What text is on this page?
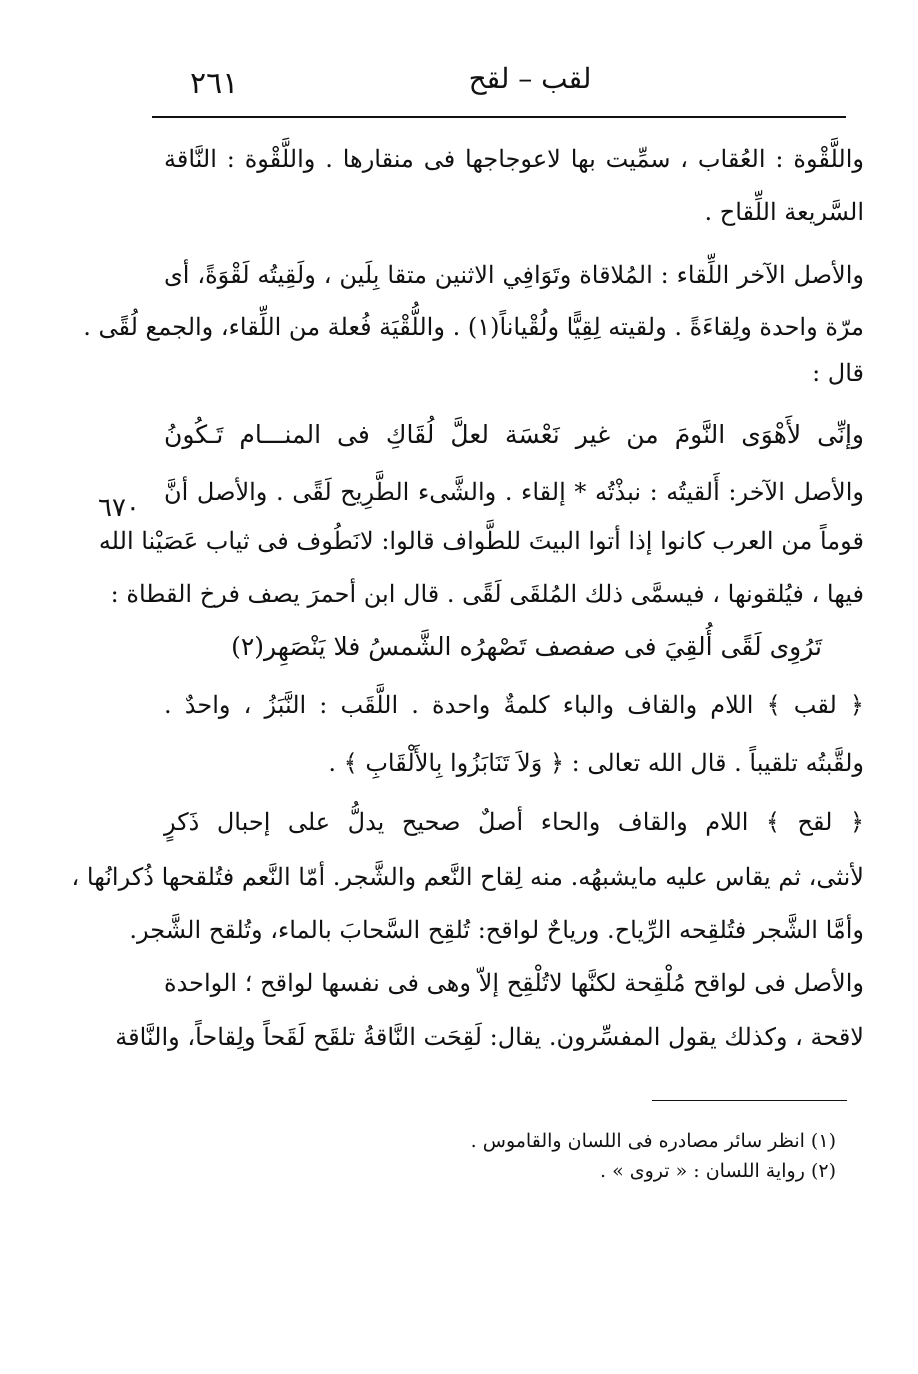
٢٦١	لقب – لقح
واللَّقْوة : العُقاب ، سمِّيت بها لاعوجاجها فى منقارها . واللَّقْوة : النَّاقة
السَّريعة اللِّقاح .
والأصل الآخر اللِّقاء : المُلاقاة وتَوَافِي الاثنين متقا بِلَين ، ولَقِيتُه لَقْوَةً، أى
مرّة واحدة ولِقاءَةً . ولقيته لِقِيًّا ولُقْياناً(١) . واللُّقْيَة فُعلة من اللِّقاء، والجمع لُقًى .
قال :
وإنِّى لأَهْوَى النَّومَ من غير نَعْسَة لعلَّ لُقَاكِ فى المنـــام تَـكُونُ
والأصل الآخر: أَلقيتُه : نبذْتُه * إلقاء . والشَّىء الطَّرِيح لَقًى . والأصل أنَّ
٦٧٠
قوماً من العرب كانوا إذا أتوا البيتَ للطَّواف قالوا: لانَطُوف فى ثياب عَصَيْنا الله
فيها ، فيُلقونها ، فيسمَّى ذلك المُلقَى لَقًى . قال ابن أحمرَ يصف فرخ القطاة :
تَرُوِى لَقًى أُلقِيَ فى صفصف تَصْهرُه الشَّمسُ فلا يَنْصَهِر(٢)
﴿ لقب ﴾ اللام والقاف والباء كلمةٌ واحدة . اللَّقَب : النَّبَزُ ، واحدٌ .
ولقَّبتُه تلقيباً . قال الله تعالى : ﴿ وَلاَ تَنَابَزُوا بِالأَلْقَابِ ﴾ .
﴿ لقح ﴾ اللام والقاف والحاء أصلٌ صحيح يدلُّ على إحبال ذَكرٍ
لأنثى، ثم يقاس عليه مايشبهُه. منه لِقاح النَّعم والشَّجر. أمّا النَّعم فتُلقحها ذُكرانُها ،
وأمَّا الشَّجر فتُلقِحه الرِّياح. ورياحٌ لواقح: تُلقِح السَّحابَ بالماء، وتُلقح الشَّجر.
والأصل فى لواقح مُلْقِحة لكنَّها لاتُلْقِح إلاّ وهى فى نفسها لواقح ؛ الواحدة
لاقحة ، وكذلك يقول المفسِّرون. يقال: لَقِحَت النَّاقةُ تلقَح لَقَحاً ولِقاحاً، والنَّاقة
(١) انظر سائر مصادره فى اللسان والقاموس .
(٢) رواية اللسان : « تروى » .
